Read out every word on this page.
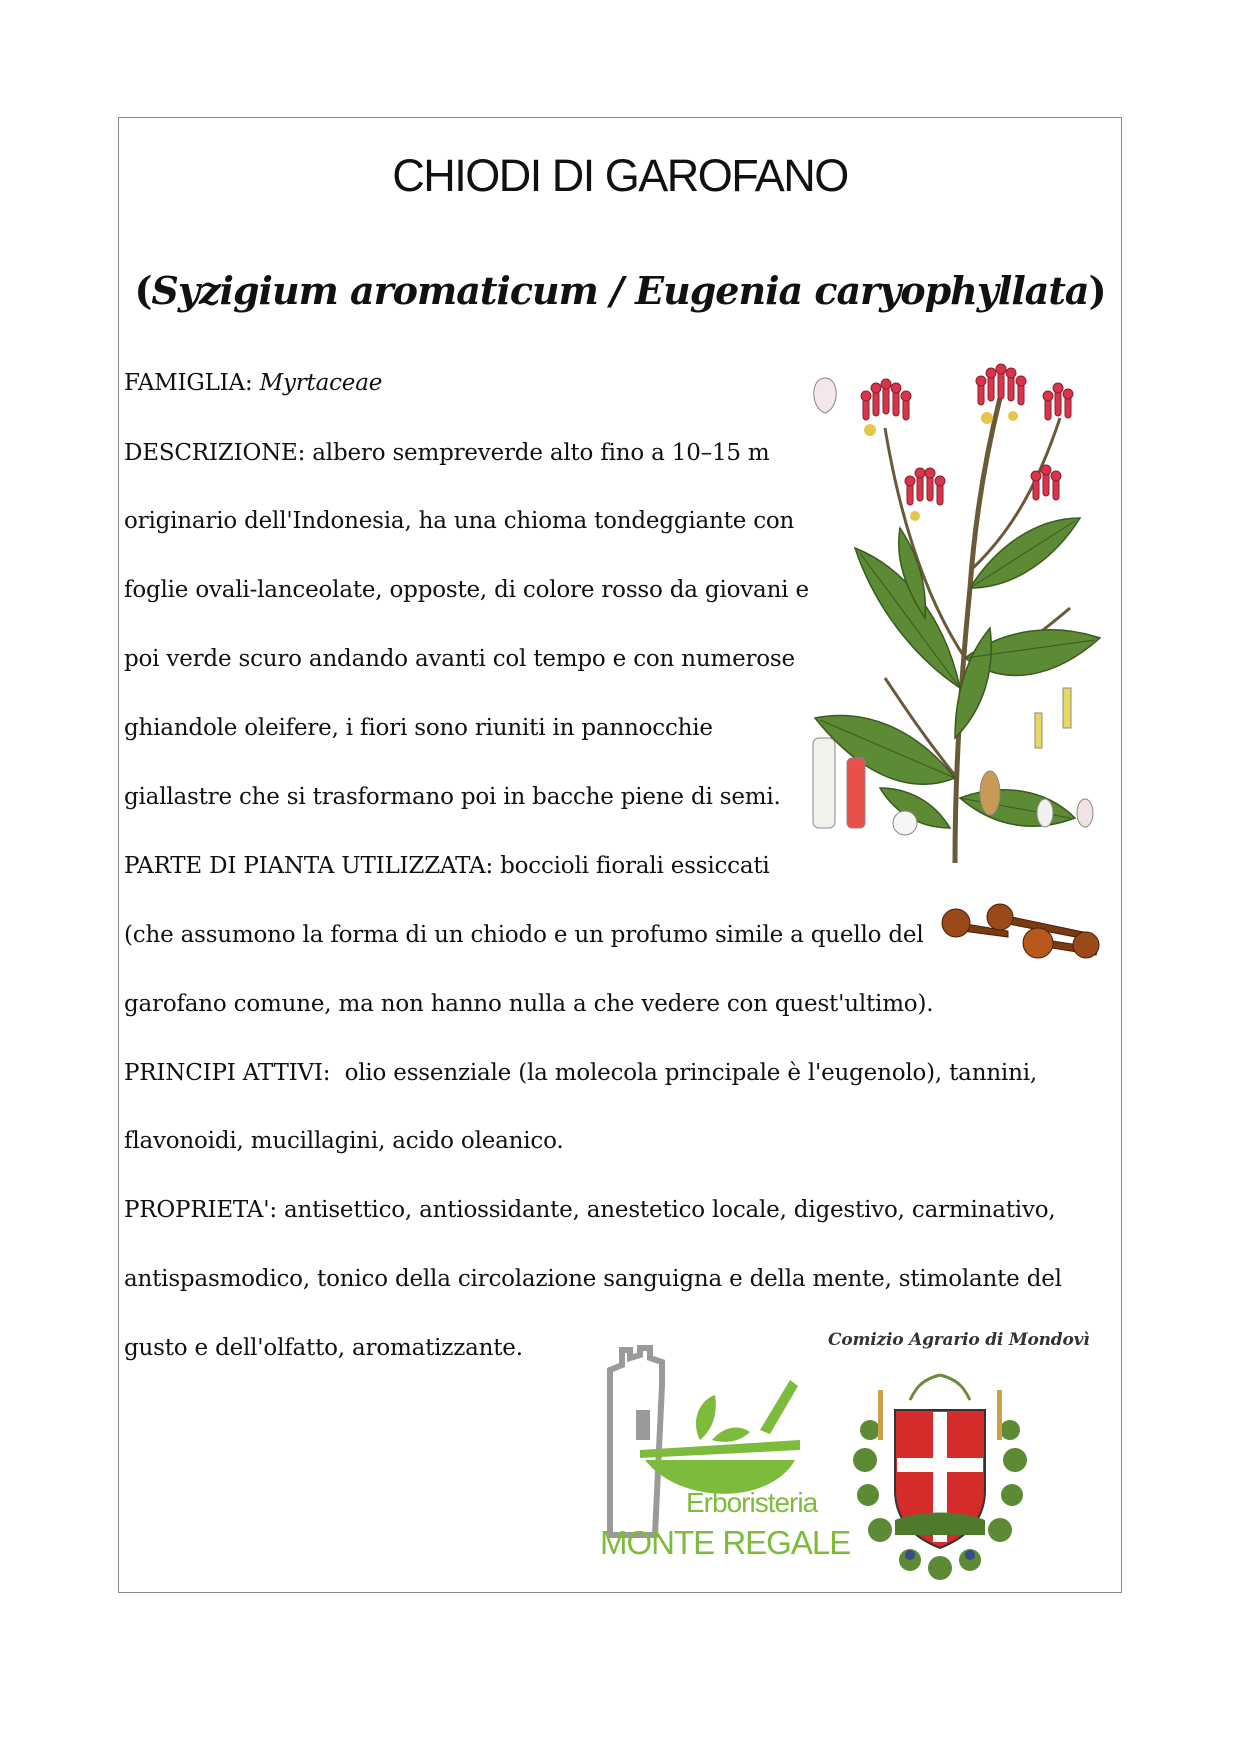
CHIODI DI GAROFANO
(Syzigium aromaticum / Eugenia caryophyllata)
FAMIGLIA: Myrtaceae
DESCRIZIONE: albero sempreverde alto fino a 10–15 m
originario dell'Indonesia, ha una chioma tondeggiante con
foglie ovali-lanceolate, opposte, di colore rosso da giovani e
poi verde scuro andando avanti col tempo e con numerose
ghiandole oleifere, i fiori sono riuniti in pannocchie
giallastre che si trasformano poi in bacche piene di semi.
PARTE DI PIANTA UTILIZZATA: boccioli fiorali essiccati
(che assumono la forma di un chiodo e un profumo simile a quello del
garofano comune, ma non hanno nulla a che vedere con quest'ultimo).
PRINCIPI ATTIVI:  olio essenziale (la molecola principale è l'eugenolo), tannini,
flavonoidi, mucillagini, acido oleanico.
PROPRIETA': antisettico, antiossidante, anestetico locale, digestivo, carminativo,
antispasmodico, tonico della circolazione sanguigna e della mente, stimolante del
gusto e dell'olfatto, aromatizzante.
Erboristeria
MONTE REGALE
Comizio Agrario di Mondovì
